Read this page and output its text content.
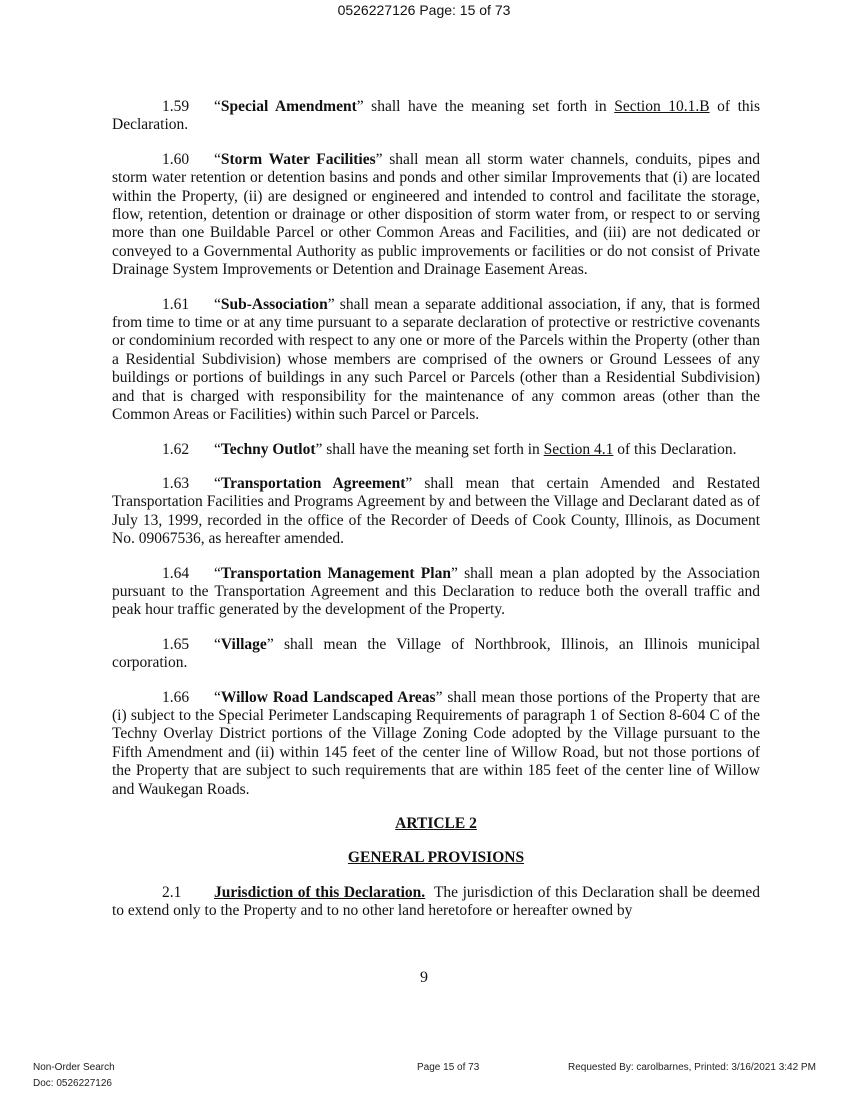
0526227126 Page: 15 of 73

1.59 “Special Amendment” shall have the meaning set forth in Section 10.1.B of this Declaration.

1.60 “Storm Water Facilities” shall mean all storm water channels, conduits, pipes and storm water retention or detention basins and ponds and other similar Improvements that (i) are located within the Property, (ii) are designed or engineered and intended to control and facilitate the storage, flow, retention, detention or drainage or other disposition of storm water from, or respect to or serving more than one Buildable Parcel or other Common Areas and Facilities, and (iii) are not dedicated or conveyed to a Governmental Authority as public improvements or facilities or do not consist of Private Drainage System Improvements or Detention and Drainage Easement Areas.

1.61 “Sub-Association” shall mean a separate additional association, if any, that is formed from time to time or at any time pursuant to a separate declaration of protective or restrictive covenants or condominium recorded with respect to any one or more of the Parcels within the Property (other than a Residential Subdivision) whose members are comprised of the owners or Ground Lessees of any buildings or portions of buildings in any such Parcel or Parcels (other than a Residential Subdivision) and that is charged with responsibility for the maintenance of any common areas (other than the Common Areas or Facilities) within such Parcel or Parcels.

1.62 “Techny Outlot” shall have the meaning set forth in Section 4.1 of this Declaration.

1.63 “Transportation Agreement” shall mean that certain Amended and Restated Transportation Facilities and Programs Agreement by and between the Village and Declarant dated as of July 13, 1999, recorded in the office of the Recorder of Deeds of Cook County, Illinois, as Document No. 09067536, as hereafter amended.

1.64 “Transportation Management Plan” shall mean a plan adopted by the Association pursuant to the Transportation Agreement and this Declaration to reduce both the overall traffic and peak hour traffic generated by the development of the Property.

1.65 “Village” shall mean the Village of Northbrook, Illinois, an Illinois municipal corporation.

1.66 “Willow Road Landscaped Areas” shall mean those portions of the Property that are (i) subject to the Special Perimeter Landscaping Requirements of paragraph 1 of Section 8-604 C of the Techny Overlay District portions of the Village Zoning Code adopted by the Village pursuant to the Fifth Amendment and (ii) within 145 feet of the center line of Willow Road, but not those portions of the Property that are subject to such requirements that are within 185 feet of the center line of Willow and Waukegan Roads.

ARTICLE 2

GENERAL PROVISIONS

2.1 Jurisdiction of this Declaration.  The jurisdiction of this Declaration shall be deemed to extend only to the Property and to no other land heretofore or hereafter owned by

9
Non-Order Search
Doc: 0526227126
Page 15 of 73	Requested By: carolbarnes, Printed: 3/16/2021 3:42 PM
